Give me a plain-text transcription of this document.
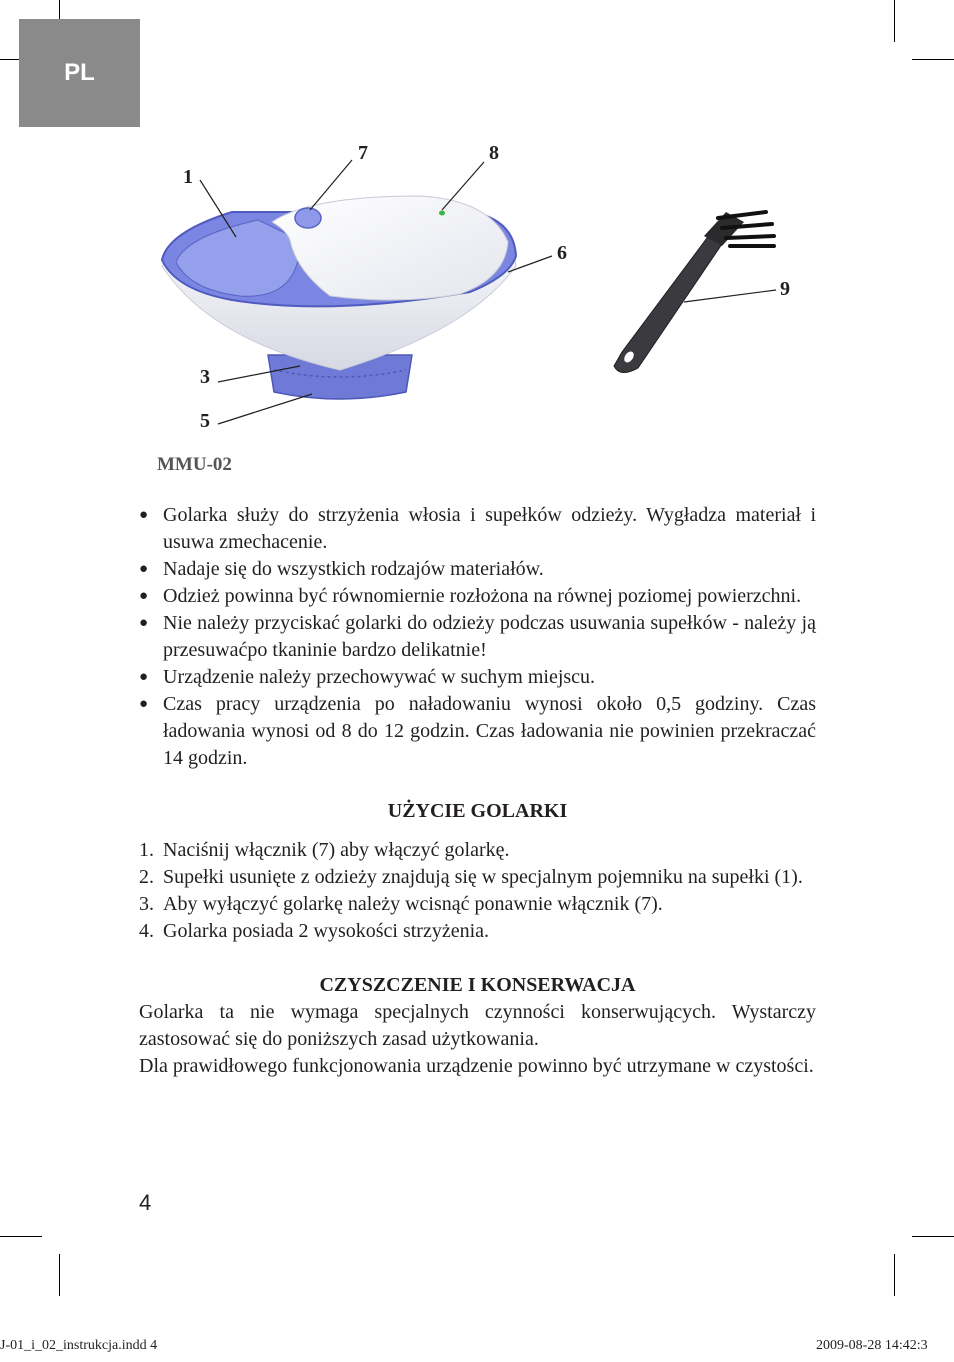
PL
1
7	8
6
9
3
5
MMU-02
● Golarka służy do strzyżenia włosia i supełków odzieży. Wygładza materiał i usuwa zmechacenie.
● Nadaje się do wszystkich rodzajów materiałów.
● Odzież powinna być równomiernie rozłożona na równej poziomej powierzchni.
● Nie należy przyciskać golarki do odzieży podczas usuwania supełków - należy ją przesuwaćpo tkaninie bardzo delikatnie!
● Urządzenie należy przechowywać w suchym miejscu.
● Czas pracy urządzenia po naładowaniu wynosi około 0,5 godziny. Czas ładowania wynosi od 8 do 12 godzin. Czas ładowania nie powinien przekraczać 14 godzin.
UŻYCIE GOLARKI
1. Naciśnij włącznik (7) aby włączyć golarkę.
2. Supełki usunięte z odzieży znajdują się w specjalnym pojemniku na supełki (1).
3. Aby wyłączyć golarkę należy wcisnąć ponawnie włącznik (7).
4. Golarka posiada 2 wysokości strzyżenia.
CZYSZCZENIE I KONSERWACJA

Golarka ta nie wymaga specjalnych czynności konserwujących. Wystarczy zastosować się do poniższych zasad użytkowania.

Dla prawidłowego funkcjonowania urządzenie powinno być utrzymane w czystości.

4
J-01_i_02_instrukcja.indd 4	2009-08-28 14:42:3
